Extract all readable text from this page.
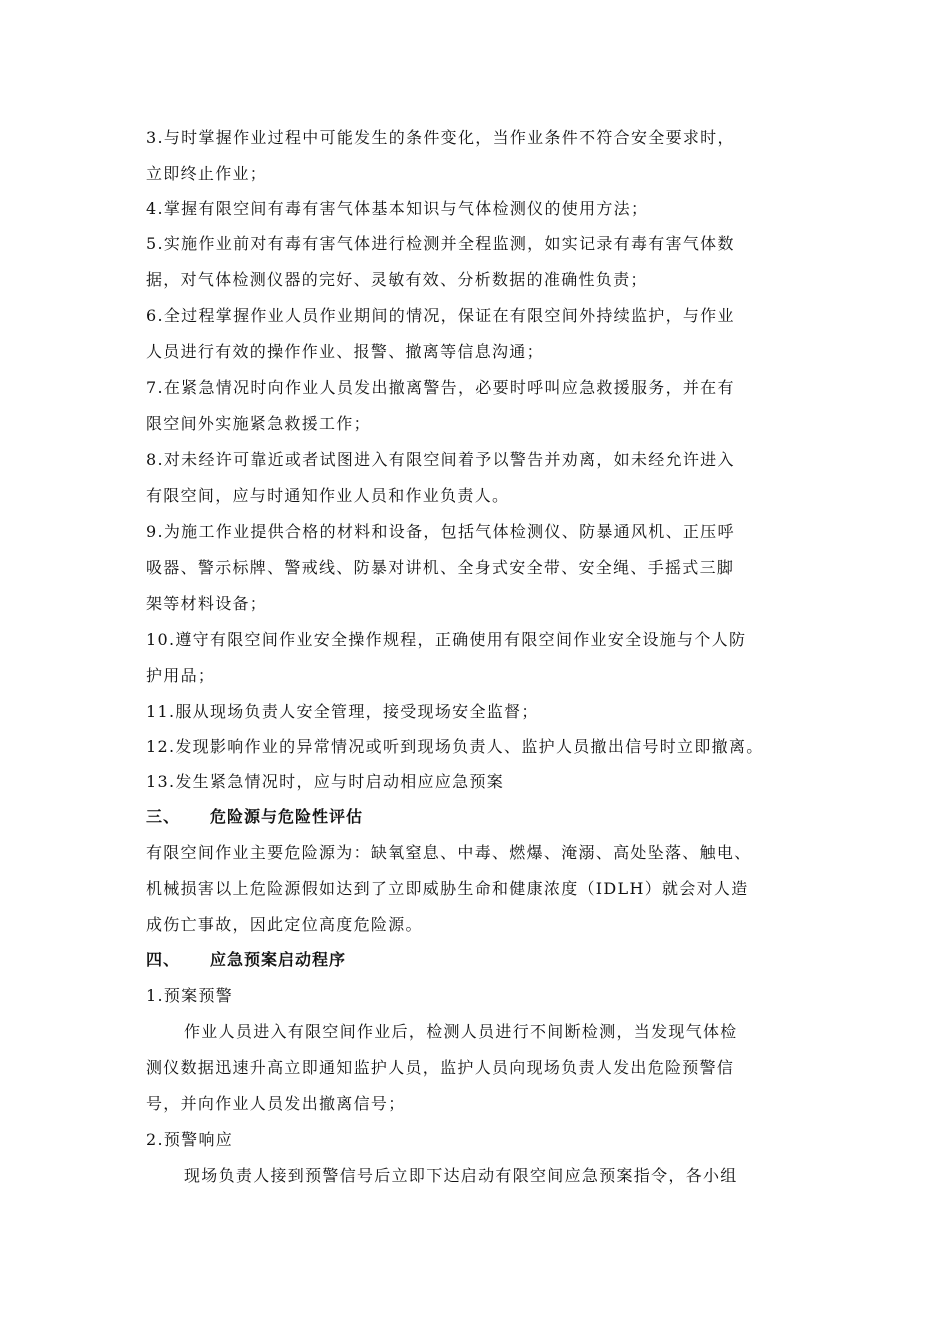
3.与时掌握作业过程中可能发生的条件变化，当作业条件不符合安全要求时，
立即终止作业；
4.掌握有限空间有毒有害气体基本知识与气体检测仪的使用方法；
5.实施作业前对有毒有害气体进行检测并全程监测，如实记录有毒有害气体数
据，对气体检测仪器的完好、灵敏有效、分析数据的准确性负责；
6.全过程掌握作业人员作业期间的情况，保证在有限空间外持续监护，与作业
人员进行有效的操作作业、报警、撤离等信息沟通；
7.在紧急情况时向作业人员发出撤离警告，必要时呼叫应急救援服务，并在有
限空间外实施紧急救援工作；
8.对未经许可靠近或者试图进入有限空间着予以警告并劝离，如未经允许进入
有限空间，应与时通知作业人员和作业负责人。
9.为施工作业提供合格的材料和设备，包括气体检测仪、防暴通风机、正压呼
吸器、警示标牌、警戒线、防暴对讲机、全身式安全带、安全绳、手摇式三脚
架等材料设备；
10.遵守有限空间作业安全操作规程，正确使用有限空间作业安全设施与个人防
护用品；
11.服从现场负责人安全管理，接受现场安全监督；
12.发现影响作业的异常情况或听到现场负责人、监护人员撤出信号时立即撤离。
13.发生紧急情况时，应与时启动相应应急预案
三、 危险源与危险性评估
有限空间作业主要危险源为：缺氧窒息、中毒、燃爆、淹溺、高处坠落、触电、
机械损害以上危险源假如达到了立即威胁生命和健康浓度（IDLH）就会对人造
成伤亡事故，因此定位高度危险源。
四、 应急预案启动程序
1.预案预警
作业人员进入有限空间作业后，检测人员进行不间断检测，当发现气体检
测仪数据迅速升高立即通知监护人员，监护人员向现场负责人发出危险预警信
号，并向作业人员发出撤离信号；
2.预警响应
现场负责人接到预警信号后立即下达启动有限空间应急预案指令，各小组
